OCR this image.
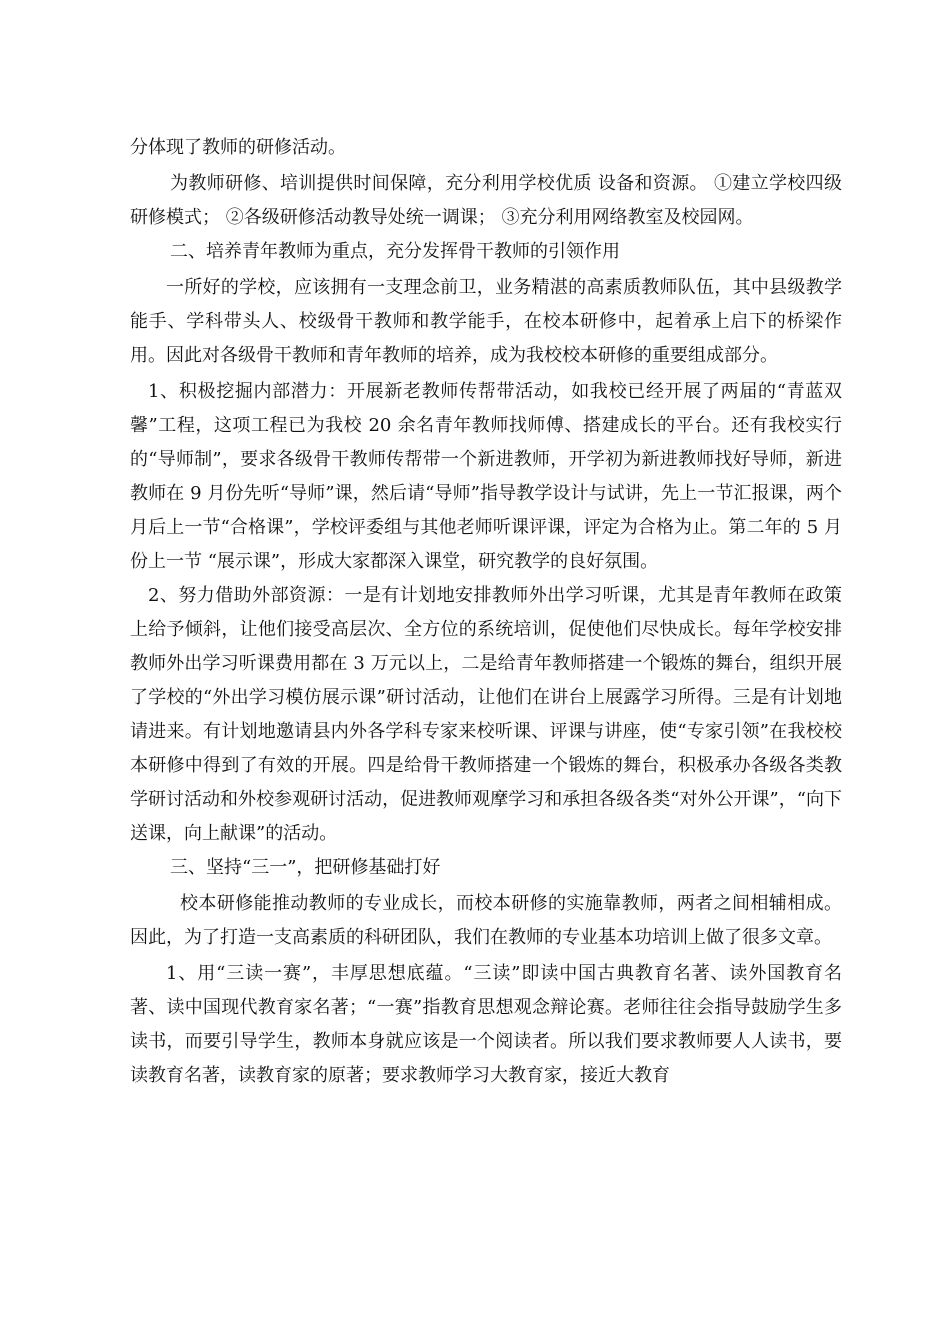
分体现了教师的研修活动。

为教师研修、培训提供时间保障，充分利用学校优质 设备和资源。 ①建立学校四级研修模式； ②各级研修活动教导处统一调课； ③充分利用网络教室及校园网。

二、培养青年教师为重点，充分发挥骨干教师的引领作用

一所好的学校，应该拥有一支理念前卫，业务精湛的高素质教师队伍，其中县级教学能手、学科带头人、校级骨干教师和教学能手，在校本研修中，起着承上启下的桥梁作用。因此对各级骨干教师和青年教师的培养，成为我校校本研修的重要组成部分。

1、积极挖掘内部潜力：开展新老教师传帮带活动，如我校已经开展了两届的“青蓝双馨”工程，这项工程已为我校 20 余名青年教师找师傅、搭建成长的平台。还有我校实行的“导师制”，要求各级骨干教师传帮带一个新进教师，开学初为新进教师找好导师，新进教师在 9 月份先听“导师”课，然后请“导师”指导教学设计与试讲，先上一节汇报课，两个月后上一节“合格课”，学校评委组与其他老师听课评课，评定为合格为止。第二年的 5 月份上一节 “展示课”，形成大家都深入课堂，研究教学的良好氛围。

2、努力借助外部资源：一是有计划地安排教师外出学习听课，尤其是青年教师在政策上给予倾斜，让他们接受高层次、全方位的系统培训，促使他们尽快成长。每年学校安排教师外出学习听课费用都在 3 万元以上，二是给青年教师搭建一个锻炼的舞台，组织开展了学校的“外出学习模仿展示课”研讨活动，让他们在讲台上展露学习所得。三是有计划地请进来。有计划地邀请县内外各学科专家来校听课、评课与讲座，使“专家引领”在我校校本研修中得到了有效的开展。四是给骨干教师搭建一个锻炼的舞台，积极承办各级各类教学研讨活动和外校参观研讨活动，促进教师观摩学习和承担各级各类“对外公开课”，“向下送课，向上献课”的活动。

三、坚持“三一”，把研修基础打好

校本研修能推动教师的专业成长，而校本研修的实施靠教师，两者之间相辅相成。因此，为了打造一支高素质的科研团队，我们在教师的专业基本功培训上做了很多文章。

1、用“三读一赛”，丰厚思想底蕴。“三读”即读中国古典教育名著、读外国教育名著、读中国现代教育家名著；“一赛”指教育思想观念辩论赛。老师往往会指导鼓励学生多读书，而要引导学生，教师本身就应该是一个阅读者。所以我们要求教师要人人读书，要读教育名著，读教育家的原著；要求教师学习大教育家，接近大教育
